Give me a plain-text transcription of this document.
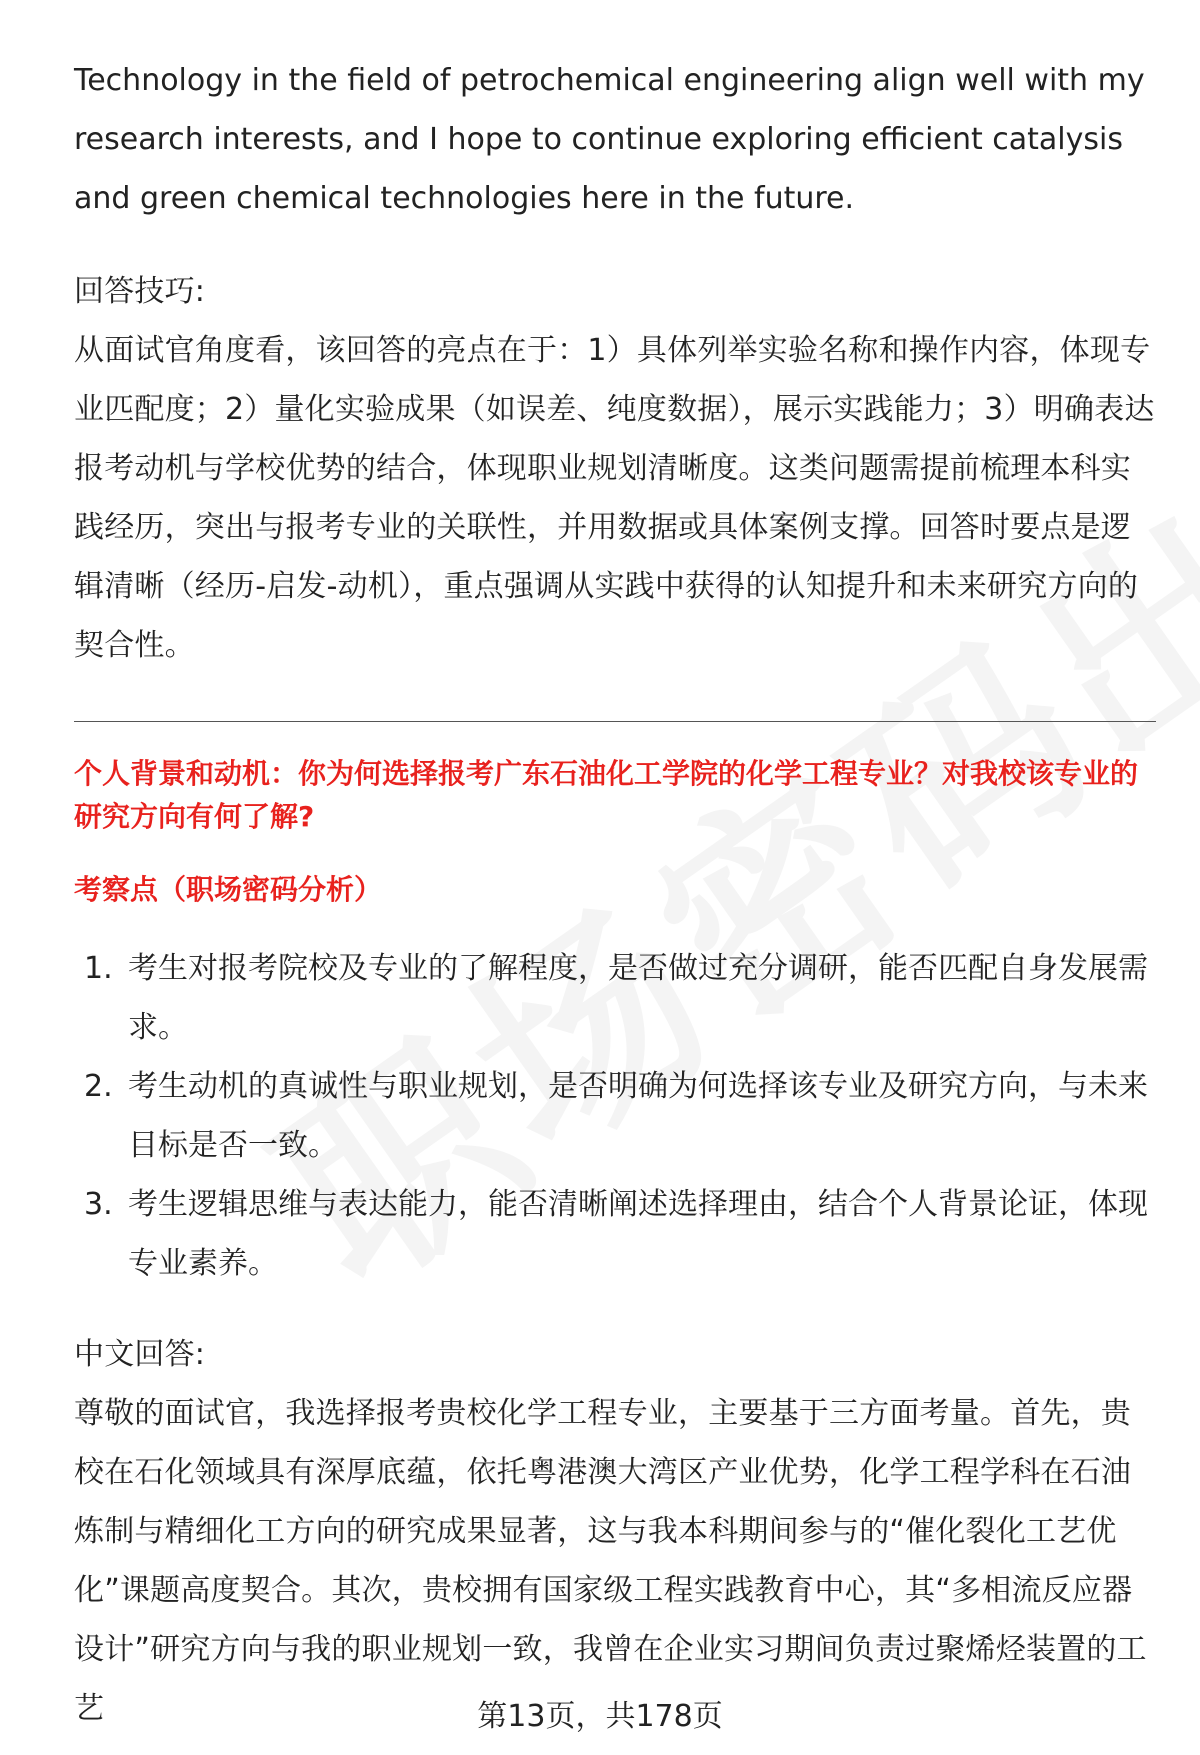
Technology in the field of petrochemical engineering align well with my research interests, and I hope to continue exploring efficient catalysis and green chemical technologies here in the future.

回答技巧:

从面试官角度看，该回答的亮点在于：1）具体列举实验名称和操作内容，体现专业匹配度；2）量化实验成果（如误差、纯度数据），展示实践能力；3）明确表达报考动机与学校优势的结合，体现职业规划清晰度。这类问题需提前梳理本科实践经历，突出与报考专业的关联性，并用数据或具体案例支撑。回答时要点是逻辑清晰（经历-启发-动机），重点强调从实践中获得的认知提升和未来研究方向的契合性。

个人背景和动机：你为何选择报考广东石油化工学院的化学工程专业？对我校该专业的研究方向有何了解?

考察点（职场密码分析）

1. 考生对报考院校及专业的了解程度，是否做过充分调研，能否匹配自身发展需求。
2. 考生动机的真诚性与职业规划，是否明确为何选择该专业及研究方向，与未来目标是否一致。
3. 考生逻辑思维与表达能力，能否清晰阐述选择理由，结合个人背景论证，体现专业素养。

中文回答:

尊敬的面试官，我选择报考贵校化学工程专业，主要基于三方面考量。首先，贵校在石化领域具有深厚底蕴，依托粤港澳大湾区产业优势，化学工程学科在石油炼制与精细化工方向的研究成果显著，这与我本科期间参与的“催化裂化工艺优化”课题高度契合。其次，贵校拥有国家级工程实践教育中心，其“多相流反应器设计”研究方向与我的职业规划一致，我曾在企业实习期间负责过聚烯烃装置的工艺	第13页，共178页
